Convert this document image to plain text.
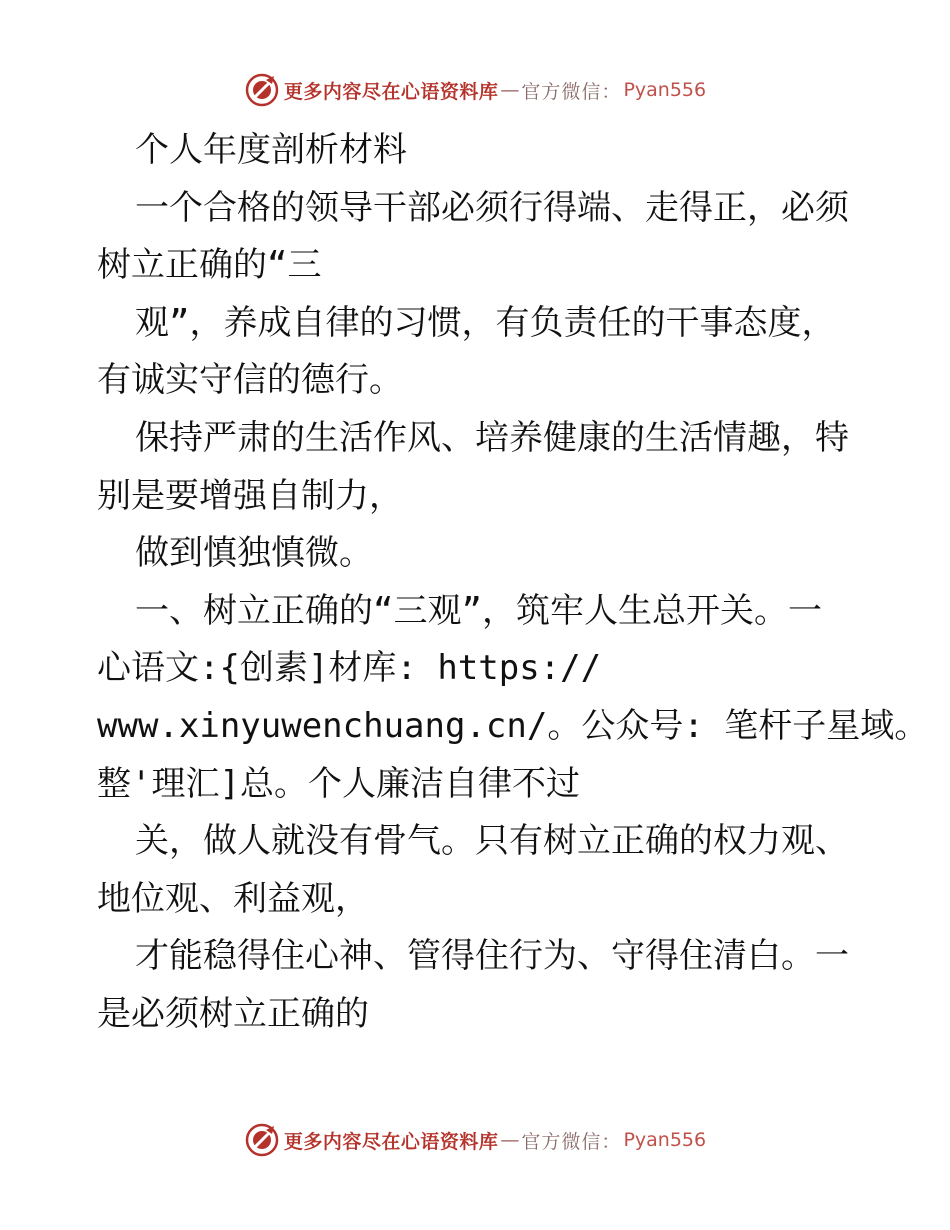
更多内容尽在心语资料库 — 官方微信： Pyan556
个人年度剖析材料
一个合格的领导干部必须行得端、走得正，必须
树立正确的“三
观”，养成自律的习惯，有负责任的干事态度，
有诚实守信的德行。
保持严肃的生活作风、培养健康的生活情趣，特
别是要增强自制力，
做到慎独慎微。
一、树立正确的“三观”，筑牢人生总开关。一
心语文:{创素]材库: https://
www.xinyuwenchuang.cn/。公众号: 笔杆子星域。
整'理汇]总。个人廉洁自律不过
关，做人就没有骨气。只有树立正确的权力观、
地位观、利益观，
才能稳得住心神、管得住行为、守得住清白。一
是必须树立正确的
更多内容尽在心语资料库 — 官方微信： Pyan556
